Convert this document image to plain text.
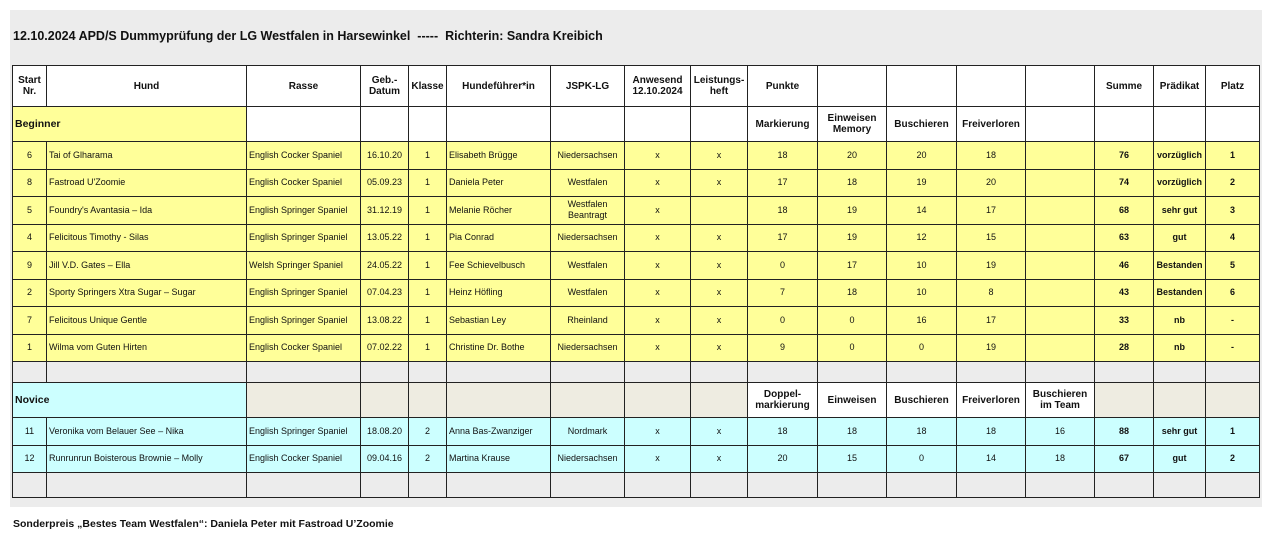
12.10.2024 APD/S Dummyprüfung der LG Westfalen in Harsewinkel  -----  Richterin: Sandra Kreibich
Start Nr.	Hund	Rasse	Geb.-Datum	Klasse	Hundeführer*in	JSPK-LG	Anwesend 12.10.2024	Leistungs-heft	Punkte					Summe	Prädikat	Platz
Beginner									Markierung	Einweisen Memory	Buschieren	Freiverloren				
6	Tai of Glharama	English Cocker Spaniel	16.10.20	1	Elisabeth Brügge	Niedersachsen	x	x	18	20	20	18		76	vorzüglich	1
8	Fastroad U'Zoomie	English Cocker Spaniel	05.09.23	1	Daniela Peter	Westfalen	x	x	17	18	19	20		74	vorzüglich	2
5	Foundry's Avantasia – Ida	English Springer Spaniel	31.12.19	1	Melanie Röcher	Westfalen Beantragt	x		18	19	14	17		68	sehr gut	3
4	Felicitous Timothy - Silas	English Springer Spaniel	13.05.22	1	Pia Conrad	Niedersachsen	x	x	17	19	12	15		63	gut	4
9	Jill V.D. Gates – Ella	Welsh Springer Spaniel	24.05.22	1	Fee Schievelbusch	Westfalen	x	x	0	17	10	19		46	Bestanden	5
2	Sporty Springers Xtra Sugar – Sugar	English Springer Spaniel	07.04.23	1	Heinz Höfling	Westfalen	x	x	7	18	10	8		43	Bestanden	6
7	Felicitous Unique Gentle	English Springer Spaniel	13.08.22	1	Sebastian Ley	Rheinland	x	x	0	0	16	17		33	nb	-
1	Wilma vom Guten Hirten	English Cocker Spaniel	07.02.22	1	Christine Dr. Bothe	Niedersachsen	x	x	9	0	0	19		28	nb	-

Novice									Doppel-markierung	Einweisen	Buschieren	Freiverloren	Buschieren im Team			
11	Veronika vom Belauer See – Nika	English Springer Spaniel	18.08.20	2	Anna Bas-Zwanziger	Nordmark	x	x	18	18	18	18	16	88	sehr gut	1
12	Runrunrun Boisterous Brownie – Molly	English Cocker Spaniel	09.04.16	2	Martina Krause	Niedersachsen	x	x	20	15	0	14	18	67	gut	2

Sonderpreis „Bestes Team Westfalen“: Daniela Peter mit Fastroad U’Zoomie
